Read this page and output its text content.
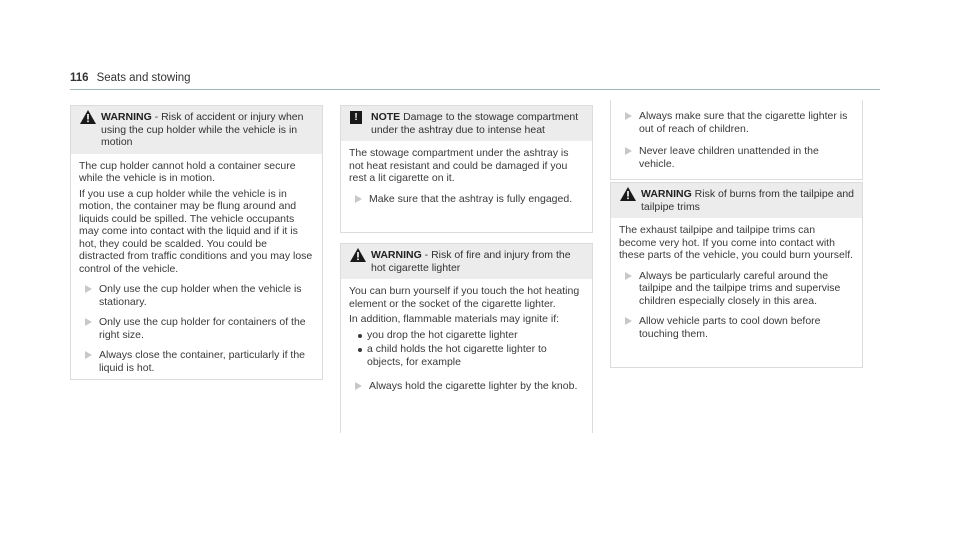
116 Seats and stowing
WARNING - Risk of accident or injury when using the cup holder while the vehicle is in motion

The cup holder cannot hold a container secure while the vehicle is in motion.

If you use a cup holder while the vehicle is in motion, the container may be flung around and liquids could be spilled. The vehicle occupants may come into contact with the liquid and if it is hot, they could be scalded. You could be distracted from traffic conditions and you may lose control of the vehicle.

Only use the cup holder when the vehicle is stationary.
Only use the cup holder for containers of the right size.
Always close the container, particularly if the liquid is hot.
!	NOTE Damage to the stowage compartment under the ashtray due to intense heat

The stowage compartment under the ashtray is not heat resistant and could be damaged if you rest a lit cigarette on it.

Make sure that the ashtray is fully engaged.
WARNING - Risk of fire and injury from the hot cigarette lighter

You can burn yourself if you touch the hot heating element or the socket of the cigarette lighter.

In addition, flammable materials may ignite if:

you drop the hot cigarette lighter
a child holds the hot cigarette lighter to objects, for example
Always hold the cigarette lighter by the knob.
Always make sure that the cigarette lighter is out of reach of children.
Never leave children unattended in the vehicle.
WARNING Risk of burns from the tailpipe and tailpipe trims

The exhaust tailpipe and tailpipe trims can become very hot. If you come into contact with these parts of the vehicle, you could burn yourself.

Always be particularly careful around the tailpipe and the tailpipe trims and supervise children especially closely in this area.
Allow vehicle parts to cool down before touching them.
